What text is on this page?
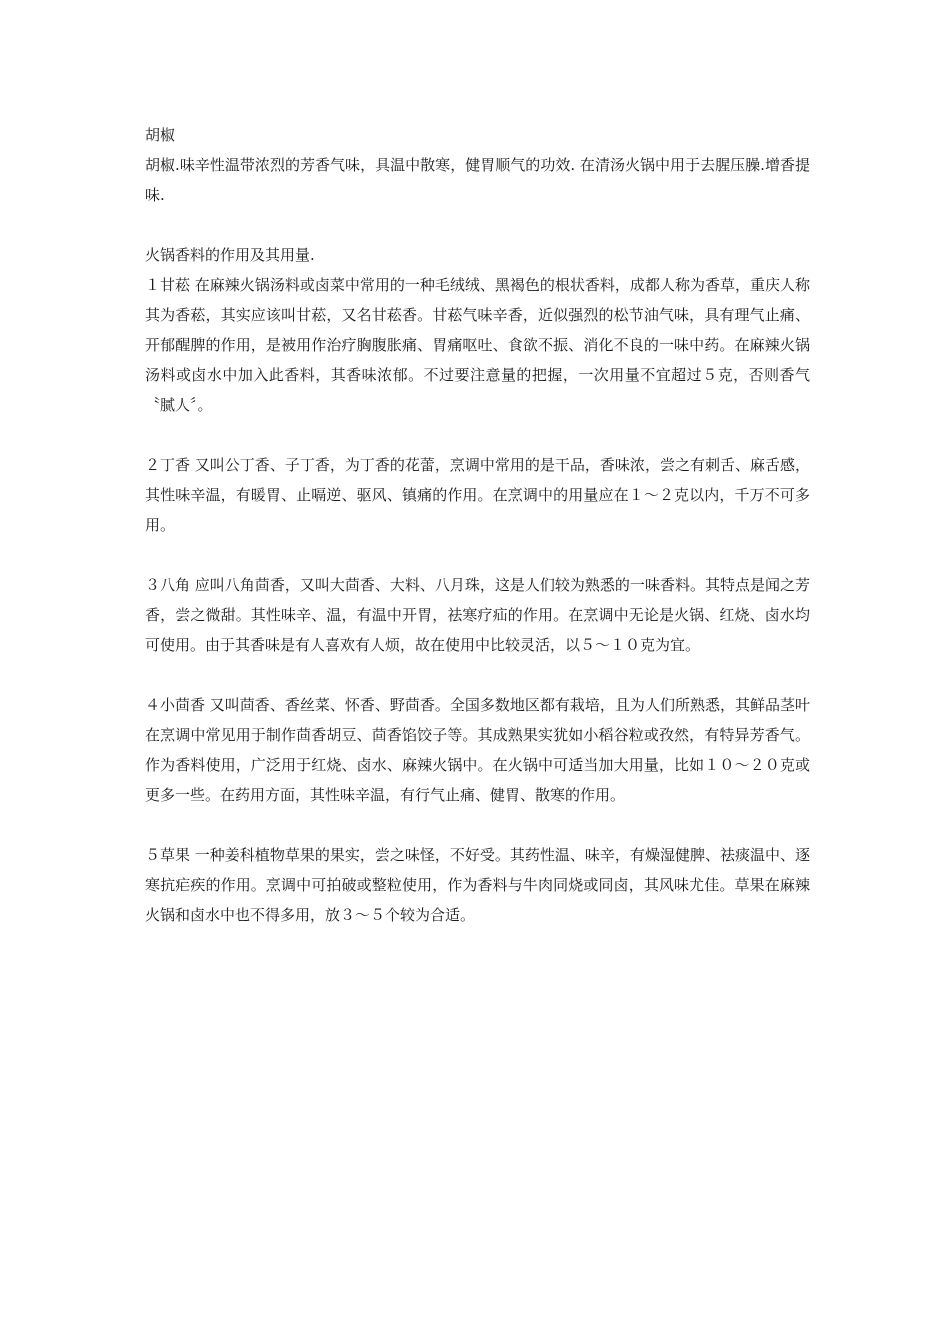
胡椒

胡椒.味辛性温带浓烈的芳香气味，具温中散寒，健胃顺气的功效. 在清汤火锅中用于去腥压臊.增香提味.

火锅香料的作用及其用量.

１甘菘 在麻辣火锅汤料或卤菜中常用的一种毛绒绒、黑褐色的根状香料，成都人称为香草，重庆人称其为香菘，其实应该叫甘菘，又名甘菘香。甘菘气味辛香，近似强烈的松节油气味，具有理气止痛、开郁醒脾的作用，是被用作治疗胸腹胀痛、胃痛呕吐、食欲不振、消化不良的一味中药。在麻辣火锅汤料或卤水中加入此香料，其香味浓郁。不过要注意量的把握，一次用量不宜超过５克，否则香气〝腻人〞。

２丁香 又叫公丁香、子丁香，为丁香的花蕾，烹调中常用的是干品，香味浓，尝之有刺舌、麻舌感，其性味辛温，有暖胃、止嗝逆、驱风、镇痛的作用。在烹调中的用量应在１～２克以内，千万不可多用。

３八角 应叫八角茴香，又叫大茴香、大料、八月珠，这是人们较为熟悉的一味香料。其特点是闻之芳香，尝之微甜。其性味辛、温，有温中开胃，祛寒疗疝的作用。在烹调中无论是火锅、红烧、卤水均可使用。由于其香味是有人喜欢有人烦，故在使用中比较灵活，以５～１０克为宜。

４小茴香 又叫茴香、香丝菜、怀香、野茴香。全国多数地区都有栽培，且为人们所熟悉，其鲜品茎叶在烹调中常见用于制作茴香胡豆、茴香馅饺子等。其成熟果实犹如小稻谷粒或孜然，有特异芳香气。作为香料使用，广泛用于红烧、卤水、麻辣火锅中。在火锅中可适当加大用量，比如１０～２０克或更多一些。在药用方面，其性味辛温，有行气止痛、健胃、散寒的作用。

５草果 一种姜科植物草果的果实，尝之味怪，不好受。其药性温、味辛，有燥湿健脾、祛痰温中、逐寒抗疟疾的作用。烹调中可拍破或整粒使用，作为香料与牛肉同烧或同卤，其风味尤佳。草果在麻辣火锅和卤水中也不得多用，放３～５个较为合适。
